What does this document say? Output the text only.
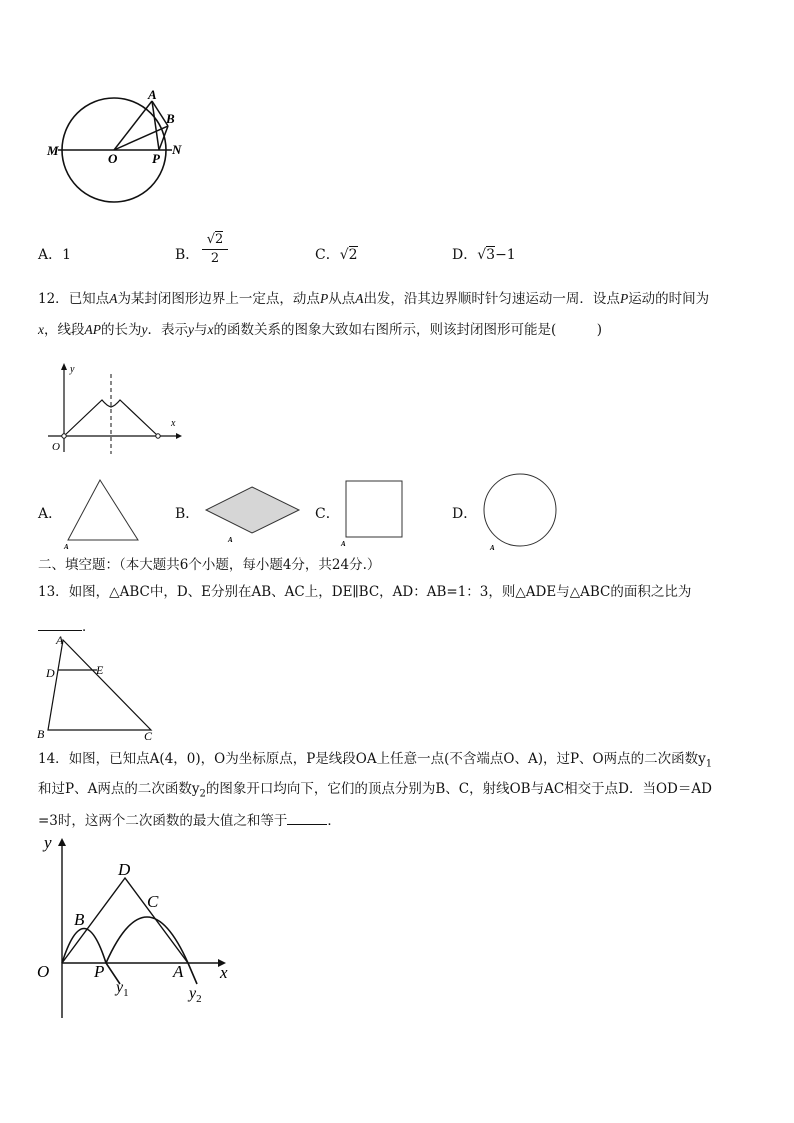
M
O
A
B
P
N
A．1	B．
√2
2	C．√2	D．√3−1
12．已知点A为某封闭图形边界上一定点，动点P从点A出发，沿其边界顺时针匀速运动一周．设点P运动的时间为
x，线段AP的长为y．表示y与x的函数关系的图象大致如右图所示，则该封闭图形可能是(　　　)
y
x
O
A．
A
B．
A
C．
A
D．
A
二、填空题：（本大题共6个小题，每小题4分，共24分.）
13．如图，△ABC中，D、E分别在AB、AC上，DE∥BC，AD：AB=1：3，则△ADE与△ABC的面积之比为
．
A
D	E
B	C
14．如图，已知点A(4，0)，O为坐标原点，P是线段OA上任意一点(不含端点O、A)，过P、O两点的二次函数$y_1$
和过P、A两点的二次函数$y_2$的图象开口均向下，它们的顶点分别为B、C，射线OB与AC相交于点D．当OD＝AD
=3时，这两个二次函数的最大值之和等于	．
y
x
O	P	A
B
C
D
$y_1$	$y_2$
